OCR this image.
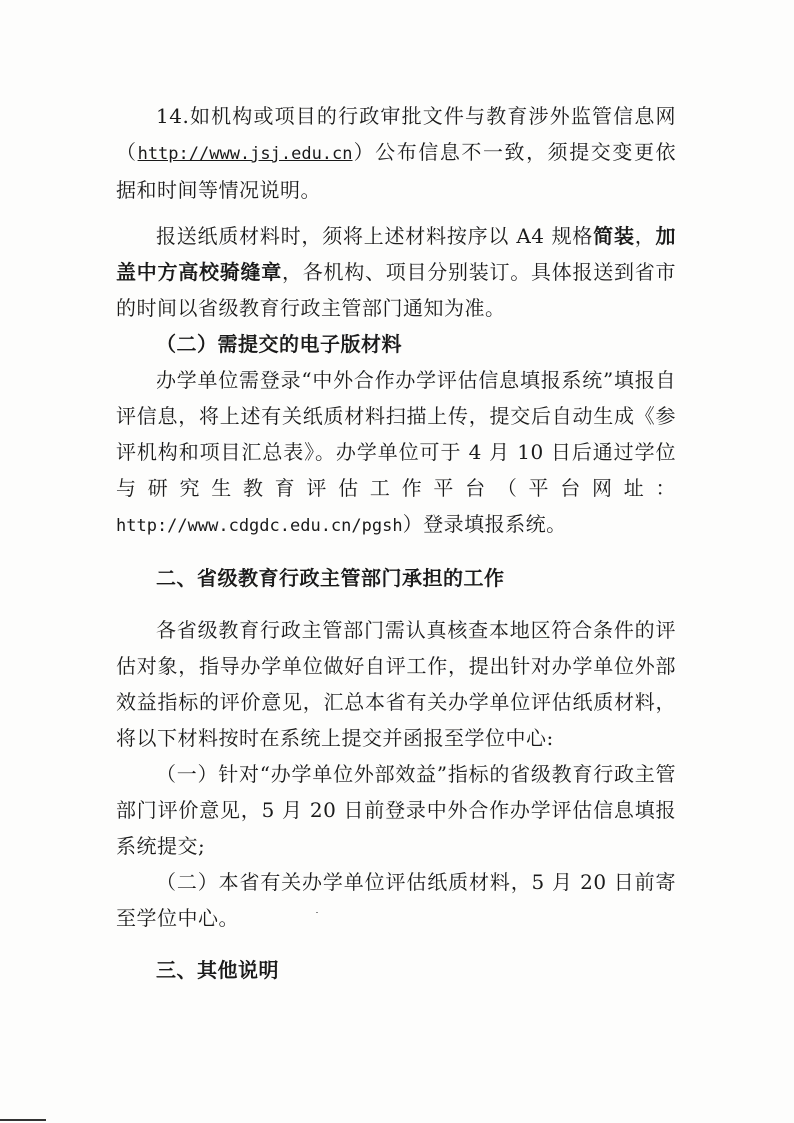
14.如机构或项目的行政审批文件与教育涉外监管信息网（http://www.jsj.edu.cn）公布信息不一致，须提交变更依据和时间等情况说明。

报送纸质材料时，须将上述材料按序以 A4 规格简装，加盖中方高校骑缝章，各机构、项目分别装订。具体报送到省市的时间以省级教育行政主管部门通知为准。

（二）需提交的电子版材料

办学单位需登录“中外合作办学评估信息填报系统”填报自评信息，将上述有关纸质材料扫描上传，提交后自动生成《参评机构和项目汇总表》。办学单位可于 4 月 10 日后通过学位与研究生教育评估工作平台（平台网址：http://www.cdgdc.edu.cn/pgsh）登录填报系统。

二、省级教育行政主管部门承担的工作

各省级教育行政主管部门需认真核查本地区符合条件的评估对象，指导办学单位做好自评工作，提出针对办学单位外部效益指标的评价意见，汇总本省有关办学单位评估纸质材料，将以下材料按时在系统上提交并函报至学位中心:

（一）针对“办学单位外部效益”指标的省级教育行政主管部门评价意见，5 月 20 日前登录中外合作办学评估信息填报系统提交;

（二）本省有关办学单位评估纸质材料，5 月 20 日前寄至学位中心。

三、其他说明
